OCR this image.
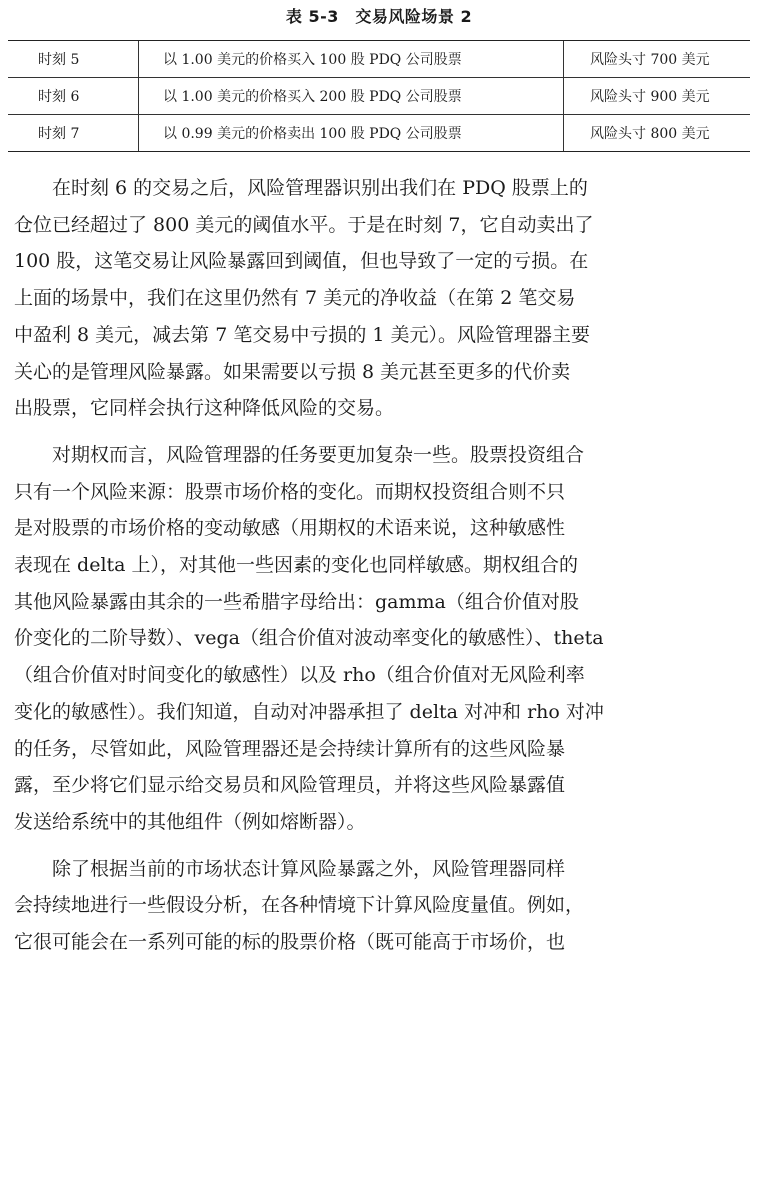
表 5-3　交易风险场景 2
时刻 5	以 1.00 美元的价格买入 100 股 PDQ 公司股票	风险头寸 700 美元
时刻 6	以 1.00 美元的价格买入 200 股 PDQ 公司股票	风险头寸 900 美元
时刻 7	以 0.99 美元的价格卖出 100 股 PDQ 公司股票	风险头寸 800 美元

在时刻 6 的交易之后，风险管理器识别出我们在 PDQ 股票上的
仓位已经超过了 800 美元的阈值水平。于是在时刻 7，它自动卖出了
100 股，这笔交易让风险暴露回到阈值，但也导致了一定的亏损。在
上面的场景中，我们在这里仍然有 7 美元的净收益（在第 2 笔交易
中盈利 8 美元，减去第 7 笔交易中亏损的 1 美元）。风险管理器主要
关心的是管理风险暴露。如果需要以亏损 8 美元甚至更多的代价卖
出股票，它同样会执行这种降低风险的交易。

对期权而言，风险管理器的任务要更加复杂一些。股票投资组合
只有一个风险来源：股票市场价格的变化。而期权投资组合则不只
是对股票的市场价格的变动敏感（用期权的术语来说，这种敏感性
表现在 delta 上），对其他一些因素的变化也同样敏感。期权组合的
其他风险暴露由其余的一些希腊字母给出：gamma（组合价值对股
价变化的二阶导数）、vega（组合价值对波动率变化的敏感性）、theta
（组合价值对时间变化的敏感性）以及 rho（组合价值对无风险利率
变化的敏感性）。我们知道，自动对冲器承担了 delta 对冲和 rho 对冲
的任务，尽管如此，风险管理器还是会持续计算所有的这些风险暴
露，至少将它们显示给交易员和风险管理员，并将这些风险暴露值
发送给系统中的其他组件（例如熔断器）。

除了根据当前的市场状态计算风险暴露之外，风险管理器同样
会持续地进行一些假设分析，在各种情境下计算风险度量值。例如，
它很可能会在一系列可能的标的股票价格（既可能高于市场价，也
